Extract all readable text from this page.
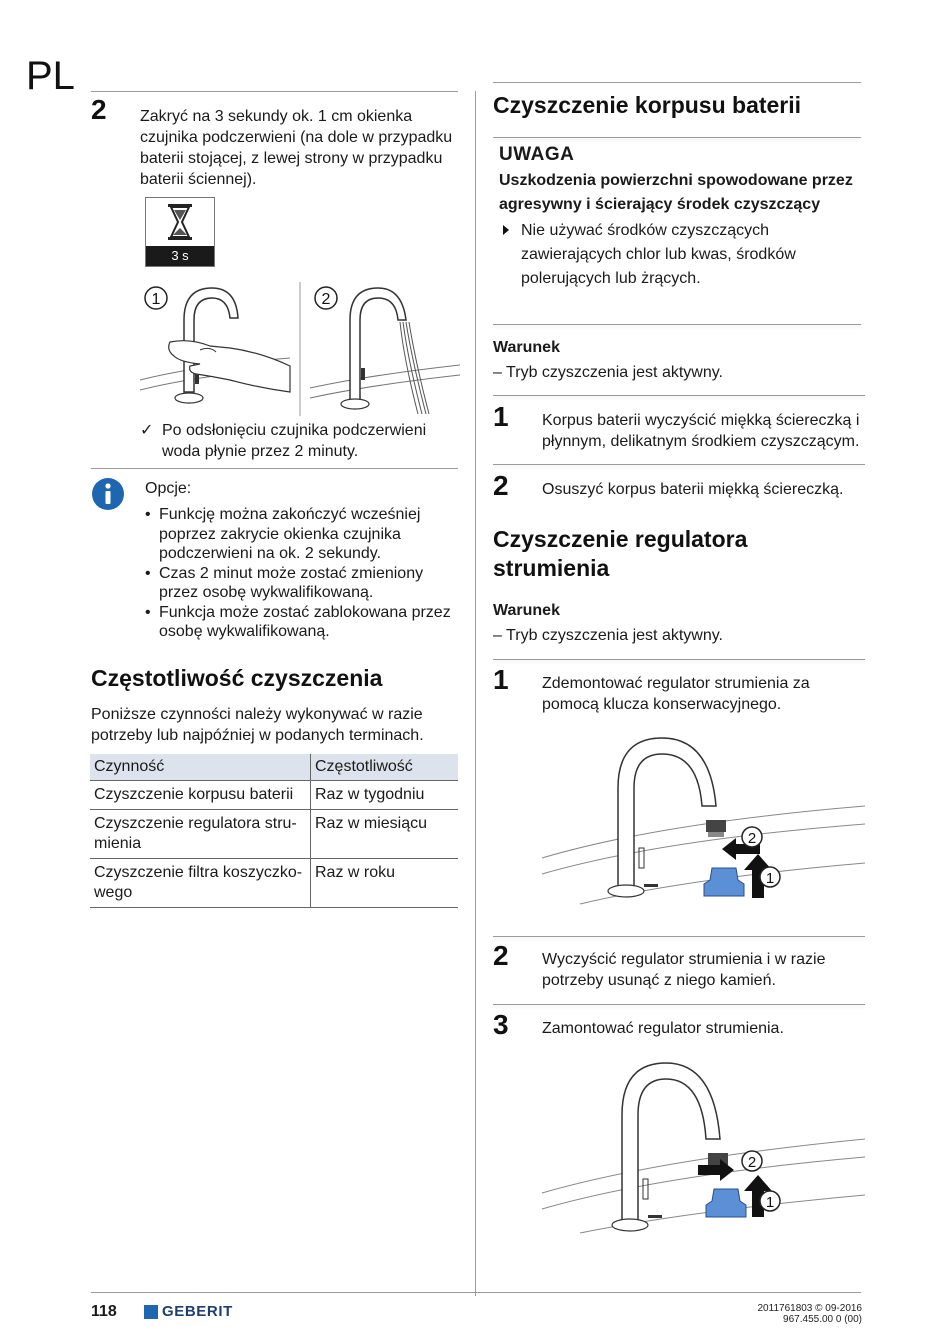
PL
2 Zakryć na 3 sekundy ok. 1 cm okienka czujnika podczerwieni (na dole w przypadku baterii stojącej, z lewej strony w przypadku baterii ściennej).
3 s
1	2
✓ Po odsłonięciu czujnika podczerwieni woda płynie przez 2 minuty.
Opcje:
• Funkcję można zakończyć wcześniej poprzez zakrycie okienka czujnika podczerwieni na ok. 2 sekundy.
• Czas 2 minut może zostać zmieniony przez osobę wykwalifikowaną.
• Funkcja może zostać zablokowana przez osobę wykwalifikowaną.
Częstotliwość czyszczenia
Poniższe czynności należy wykonywać w razie potrzeby lub najpóźniej w podanych terminach.
Czynność	Częstotliwość
Czyszczenie korpusu baterii	Raz w tygodniu
Czyszczenie regulatora stru-mienia	Raz w miesiącu
Czyszczenie filtra koszyczko-wego	Raz w roku
Czyszczenie korpusu baterii
UWAGA
Uszkodzenia powierzchni spowodowane przez agresywny i ścierający środek czyszczący
Nie używać środków czyszczących zawierających chlor lub kwas, środków polerujących lub żrących.
Warunek
– Tryb czyszczenia jest aktywny.
1 Korpus baterii wyczyścić miękką ściereczką i płynnym, delikatnym środkiem czyszczącym.
2 Osuszyć korpus baterii miękką ściereczką.
Czyszczenie regulatora strumienia
Warunek
– Tryb czyszczenia jest aktywny.
1 Zdemontować regulator strumienia za pomocą klucza konserwacyjnego.
2
1
2 Wyczyścić regulator strumienia i w razie potrzeby usunąć z niego kamień.
3 Zamontować regulator strumienia.
2
1
118	GEBERIT	2011761803 © 09-2016
967.455.00 0 (00)
